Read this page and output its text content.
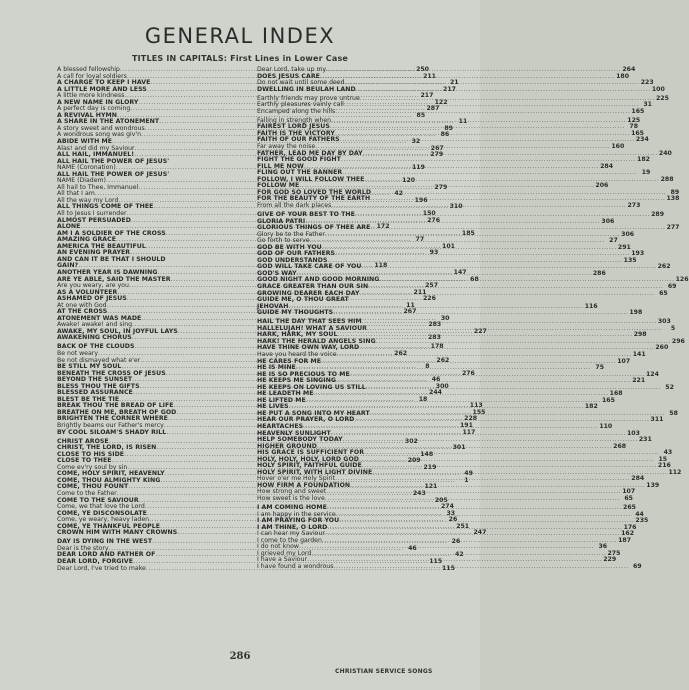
GENERAL INDEX
TITLES IN CAPITALS: First Lines in Lower Case
A blessed fellowship .....	250
A call for loyal soldiers .....	211
A CHARGE TO KEEP I HAVE .....	21
A LITTLE MORE AND LESS .....	217
A little more kindness .....	217
A NEW NAME IN GLORY .....	122
A perfect day is coming .....	287
A REVIVAL HYMN .....	85
A SHARE IN THE ATONEMENT .....	11
A story sweet and wondrous .....	89
A wondrous song was giv'n .....	86
ABIDE WITH ME .....	32
Alas! and did my Saviour .....	267
ALL HAIL, IMMANUEL! .....	279
ALL HAIL THE POWER OF JESUS'
NAME (Coronation) .....	119
ALL HAIL THE POWER OF JESUS'
NAME (Diadem) .....	120
All hail to Thee, Immanuel .....	279
All that I am .....	42
All the way my Lord .....	196
ALL THINGS COME OF THEE .....	310
All to Jesus I surrender .....	150
ALMOST PERSUADED .....	276
ALONE .....	172
AM I A SOLDIER OF THE CROSS .....	185
AMAZING GRACE .....	77
AMERICA THE BEAUTIFUL .....	101
AN EVENING PRAYER .....	93
AND CAN IT BE THAT I SHOULD
GAIN? .....	118
ANOTHER YEAR IS DAWNING .....	147
ARE YE ABLE, SAID THE MASTER .....	68
Are you weary, are you .....	257
AS A VOLUNTEER .....	211
ASHAMED OF JESUS .....	226
At one with God .....	11
AT THE CROSS .....	267
ATONEMENT WAS MADE .....	30
Awake! awake! and sing .....	283
AWAKE, MY SOUL, IN JOYFUL LAYS .....	227
AWAKENING CHORUS .....	283
BACK OF THE CLOUDS .....	178
Be not weary .....	262
Be not dismayed what e'er .....	262
BE STILL MY SOUL .....	8
BENEATH THE CROSS OF JESUS .....	276
BEYOND THE SUNSET .....	46
BLESS THOU THE GIFTS .....	300
BLESSED ASSURANCE .....	244
BLEST BE THE TIE .....	18
BREAK THOU THE BREAD OF LIFE .....	113
BREATHE ON ME, BREATH OF GOD .....	155
BRIGHTEN THE CORNER WHERE .....	228
Brightly beams our Father's mercy .....	191
BY COOL SILOAM'S SHADY RILL .....	117
CHRIST AROSE .....	302
CHRIST, THE LORD, IS RISEN .....	301
CLOSE TO HIS SIDE .....	148
CLOSE TO THEE .....	209
Come ev'ry soul by sin .....	219
COME, HOLY SPIRIT, HEAVENLY .....	49
COME, THOU ALMIGHTY KING .....	1
COME, THOU FOUNT .....	121
Come to the Father .....	243
COME TO THE SAVIOUR .....	205
Come, we that love the Lord .....	274
COME, YE DISCONSOLATE .....	33
Come, ye weary, heavy laden .....	26
COME, YE THANKFUL PEOPLE .....	251
CROWN HIM WITH MANY CROWNS .....	247
DAY IS DYING IN THE WEST .....	26
Dear is the story .....	46
DEAR LORD AND FATHER OF .....	42
DEAR LORD, FORGIVE .....	115
Dear Lord, I've tried to make .....	115
Dear Lord, take up my .....	264
DOES JESUS CARE .....	180
Do not wait until some deed .....	223
DWELLING IN BEULAH LAND .....	100
Earthly friends may prove untrue .....	225
Earthly pleasures vainly call .....	31
Encamped along the hills .....	165
Falling in strength when .....	125
FAIREST LORD JESUS .....	78
FAITH IS THE VICTORY .....	165
FAITH OF OUR FATHERS .....	234
Far away the noise .....	160
FATHER, LEAD ME DAY BY DAY .....	240
FIGHT THE GOOD FIGHT .....	182
FILL ME NOW .....	284
FLING OUT THE BANNER .....	19
FOLLOW, I WILL FOLLOW THEE .....	288
FOLLOW ME .....	206
FOR GOD SO LOVED THE WORLD .....	89
FOR THE BEAUTY OF THE EARTH .....	138
From all the dark places .....	273
GIVE OF YOUR BEST TO THE .....	289
GLORIA PATRI .....	306
GLORIOUS THINGS OF THEE ARE .....	277
Glory be to the Father .....	306
Go forth to serve .....	27
GOD BE WITH YOU .....	291
GOD OF OUR FATHERS .....	193
GOD UNDERSTANDS .....	135
GOD WILL TAKE CARE OF YOU .....	262
GOD'S WAY .....	286
GOOD NIGHT AND GOOD MORNING .....	126
GRACE GREATER THAN OUR SIN .....	69
GROWING DEARER EACH DAY .....	65
GUIDE ME, O THOU GREAT
JEHOVAH .....	116
GUIDE MY THOUGHTS .....	198
HAIL THE DAY THAT SEES HIM .....	303
HALLELUJAH! WHAT A SAVIOUR .....	5
HARK, HARK, MY SOUL .....	298
HARK! THE HERALD ANGELS SING .....	296
HAVE THINE OWN WAY, LORD .....	260
Have you heard the voice .....	141
HE CARES FOR ME .....	107
HE IS MINE .....	75
HE IS SO PRECIOUS TO ME .....	124
HE KEEPS ME SINGING .....	221
HE KEEPS ON LOVING US STILL .....	52
HE LEADETH ME .....	168
HE LIFTED ME .....	165
HE LIVES .....	182
HE PUT A SONG INTO MY HEART .....	58
HEAR OUR PRAYER, O LORD .....	311
HEARTACHES .....	110
HEAVENLY SUNLIGHT .....	103
HELP SOMEBODY TODAY .....	231
HIGHER GROUND .....	268
HIS GRACE IS SUFFICIENT FOR .....	43
HOLY, HOLY, HOLY, LORD GOD .....	15
HOLY SPIRIT, FAITHFUL GUIDE .....	216
HOLY SPIRIT, WITH LIGHT DIVINE .....	112
Hover o'er me Holy Spirit .....	284
HOW FIRM A FOUNDATION .....	139
How strong and sweet .....	107
How sweet is the love .....	65
I AM COMING HOME .....	265
I am happy in the service .....	44
I AM PRAYING FOR YOU .....	235
I AM THINE, O LORD .....	176
I can hear my Saviour .....	162
I come to the garden .....	187
I do not know .....	36
I grieved my Lord .....	275
I have a Saviour .....	229
I have found a wondrous .....	69
286
CHRISTIAN SERVICE SONGS
